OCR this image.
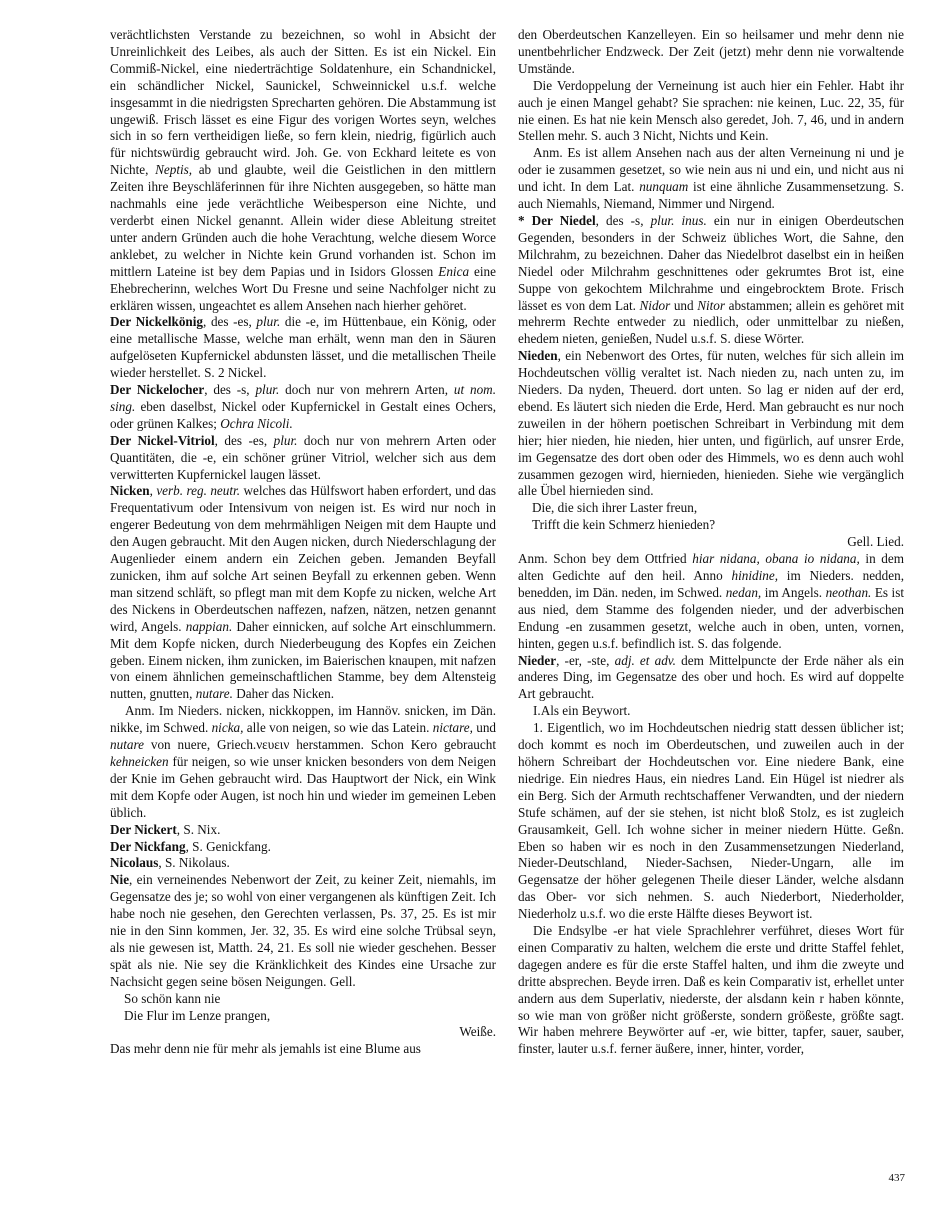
verächtlichsten Verstande zu bezeichnen, so wohl in Absicht der Unreinlichkeit des Leibes, als auch der Sitten. Es ist ein Nickel. Ein Commiß-Nickel, eine niederträchtige Soldatenhure, ein Schandnickel, ein schändlicher Nickel, Saunickel, Schweinnickel u.s.f. welche insgesammt in die niedrigsten Sprecharten gehören. Die Abstammung ist ungewiß. Frisch lässet es eine Figur des vorigen Wortes seyn, welches sich in so fern vertheidigen ließe, so fern klein, niedrig, figürlich auch für nichtswürdig gebraucht wird. Joh. Ge. von Eckhard leitete es von Nichte, Neptis, ab und glaubte, weil die Geistlichen in den mittlern Zeiten ihre Beyschläferinnen für ihre Nichten ausgegeben, so hätte man nachmahls eine jede verächtliche Weibesperson eine Nichte, und verderbt einen Nickel genannt. Allein wider diese Ableitung streitet unter andern Gründen auch die hohe Verachtung, welche diesem Worce anklebet, zu welcher in Nichte kein Grund vorhanden ist. Schon im mittlern Lateine ist bey dem Papias und in Isidors Glossen Enica eine Ehebrecherinn, welches Wort Du Fresne und seine Nachfolger nicht zu erklären wissen, ungeachtet es allem Ansehen nach hierher gehöret.

Der Nickelkönig, des -es, plur. die -e, im Hüttenbaue, ein König, oder eine metallische Masse, welche man erhält, wenn man den in Säuren aufgelöseten Kupfernickel abdunsten lässet, und die metallischen Theile wieder herstellet. S. 2 Nickel.

Der Nickelocher, des -s, plur. doch nur von mehrern Arten, ut nom. sing. eben daselbst, Nickel oder Kupfernickel in Gestalt eines Ochers, oder grünen Kalkes; Ochra Nicoli.

Der Nickel-Vitriol, des -es, plur. doch nur von mehrern Arten oder Quantitäten, die -e, ein schöner grüner Vitriol, welcher sich aus dem verwitterten Kupfernickel laugen lässet.

Nicken, verb. reg. neutr. welches das Hülfswort haben erfordert, und das Frequentativum oder Intensivum von neigen ist. Es wird nur noch in engerer Bedeutung von dem mehrmähligen Neigen mit dem Haupte und den Augen gebraucht. Mit den Augen nicken, durch Niederschlagung der Augenlieder einem andern ein Zeichen geben. Jemanden Beyfall zunicken, ihm auf solche Art seinen Beyfall zu erkennen geben. Wenn man sitzend schläft, so pflegt man mit dem Kopfe zu nicken, welche Art des Nickens in Oberdeutschen naffezen, nafzen, nätzen, netzen genannt wird, Angels. nappian. Daher einnicken, auf solche Art einschlummern. Mit dem Kopfe nicken, durch Niederbeugung des Kopfes ein Zeichen geben. Einem nicken, ihm zunicken, im Baierischen knaupen, mit nafzen von einem ähnlichen gemeinschaftlichen Stamme, bey dem Altensteig nutten, gnutten, nutare. Daher das Nicken.

Anm. Im Nieders. nicken, nickkoppen, im Hannöv. snicken, im Dän. nikke, im Schwed. nicka, alle von neigen, so wie das Latein. nictare, und nutare von nuere, Griech.νευειν herstammen. Schon Kero gebraucht kehneicken für neigen, so wie unser knicken besonders von dem Neigen der Knie im Gehen gebraucht wird. Das Hauptwort der Nick, ein Wink mit dem Kopfe oder Augen, ist noch hin und wieder im gemeinen Leben üblich.

Der Nickert, S. Nix.

Der Nickfang, S. Genickfang.

Nicolaus, S. Nikolaus.

Nie, ein verneinendes Nebenwort der Zeit, zu keiner Zeit, niemahls, im Gegensatze des je; so wohl von einer vergangenen als künftigen Zeit. Ich habe noch nie gesehen, den Gerechten verlassen, Ps. 37, 25. Es ist mir nie in den Sinn kommen, Jer. 32, 35. Es wird eine solche Trübsal seyn, als nie gewesen ist, Matth. 24, 21. Es soll nie wieder geschehen. Besser spät als nie. Nie sey die Kränklichkeit des Kindes eine Ursache zur Nachsicht gegen seine bösen Neigungen. Gell.

So schön kann nie

Die Flur im Lenze prangen,

Weiße.

Das mehr denn nie für mehr als jemahls ist eine Blume aus

den Oberdeutschen Kanzelleyen. Ein so heilsamer und mehr denn nie unentbehrlicher Endzweck. Der Zeit (jetzt) mehr denn nie vorwaltende Umstände.

Die Verdoppelung der Verneinung ist auch hier ein Fehler. Habt ihr auch je einen Mangel gehabt? Sie sprachen: nie keinen, Luc. 22, 35, für nie einen. Es hat nie kein Mensch also geredet, Joh. 7, 46, und in andern Stellen mehr. S. auch 3 Nicht, Nichts und Kein.

Anm. Es ist allem Ansehen nach aus der alten Verneinung ni und je oder ie zusammen gesetzet, so wie nein aus ni und ein, und nicht aus ni und icht. In dem Lat. nunquam ist eine ähnliche Zusammensetzung. S. auch Niemahls, Niemand, Nimmer und Nirgend.

* Der Niedel, des -s, plur. inus. ein nur in einigen Oberdeutschen Gegenden, besonders in der Schweiz übliches Wort, die Sahne, den Milchrahm, zu bezeichnen. Daher das Niedelbrot daselbst ein in heißen Niedel oder Milchrahm geschnittenes oder gekrumtes Brot ist, eine Suppe von gekochtem Milchrahme und eingebrocktem Brote. Frisch lässet es von dem Lat. Nidor und Nitor abstammen; allein es gehöret mit mehrerm Rechte entweder zu niedlich, oder unmittelbar zu nießen, ehedem nieten, genießen, Nudel u.s.f. S. diese Wörter.

Nieden, ein Nebenwort des Ortes, für nuten, welches für sich allein im Hochdeutschen völlig veraltet ist. Nach nieden zu, nach unten zu, im Nieders. Da nyden, Theuerd. dort unten. So lag er niden auf der erd, ebend. Es läutert sich nieden die Erde, Herd. Man gebraucht es nur noch zuweilen in der höhern poetischen Schreibart in Verbindung mit dem hier; hier nieden, hie nieden, hier unten, und figürlich, auf unsrer Erde, im Gegensatze des dort oben oder des Himmels, wo es denn auch wohl zusammen gezogen wird, hiernieden, hienieden. Siehe wie vergänglich alle Übel hiernieden sind.

Die, die sich ihrer Laster freun,

Trifft die kein Schmerz hienieden?

Gell. Lied.

Anm. Schon bey dem Ottfried hiar nidana, obana io nidana, in dem alten Gedichte auf den heil. Anno hinidine, im Nieders. nedden, benedden, im Dän. neden, im Schwed. nedan, im Angels. neothan. Es ist aus nied, dem Stamme des folgenden nieder, und der adverbischen Endung -en zusammen gesetzt, welche auch in oben, unten, vornen, hinten, gegen u.s.f. befindlich ist. S. das folgende.

Nieder, -er, -ste, adj. et adv. dem Mittelpuncte der Erde näher als ein anderes Ding, im Gegensatze des ober und hoch. Es wird auf doppelte Art gebraucht.

I.Als ein Beywort.

1. Eigentlich, wo im Hochdeutschen niedrig statt dessen üblicher ist; doch kommt es noch im Oberdeutschen, und zuweilen auch in der höhern Schreibart der Hochdeutschen vor. Eine niedere Bank, eine niedrige. Ein niedres Haus, ein niedres Land. Ein Hügel ist niedrer als ein Berg. Sich der Armuth rechtschaffener Verwandten, und der niedern Stufe schämen, auf der sie stehen, ist nicht bloß Stolz, es ist zugleich Grausamkeit, Gell. Ich wohne sicher in meiner niedern Hütte. Geßn. Eben so haben wir es noch in den Zusammensetzungen Niederland, Nieder-Deutschland, Nieder-Sachsen, Nieder-Ungarn, alle im Gegensatze der höher gelegenen Theile dieser Länder, welche alsdann das Ober- vor sich nehmen. S. auch Niederbort, Niederholder, Niederholz u.s.f. wo die erste Hälfte dieses Beywort ist.

Die Endsylbe -er hat viele Sprachlehrer verführet, dieses Wort für einen Comparativ zu halten, welchem die erste und dritte Staffel fehlet, dagegen andere es für die erste Staffel halten, und ihm die zweyte und dritte absprechen. Beyde irren. Daß es kein Comparativ ist, erhellet unter andern aus dem Superlativ, niederste, der alsdann kein r haben könnte, so wie man von größer nicht größerste, sondern größeste, größte sagt. Wir haben mehrere Beywörter auf -er, wie bitter, tapfer, sauer, sauber, finster, lauter u.s.f. ferner äußere, inner, hinter, vorder,

437
